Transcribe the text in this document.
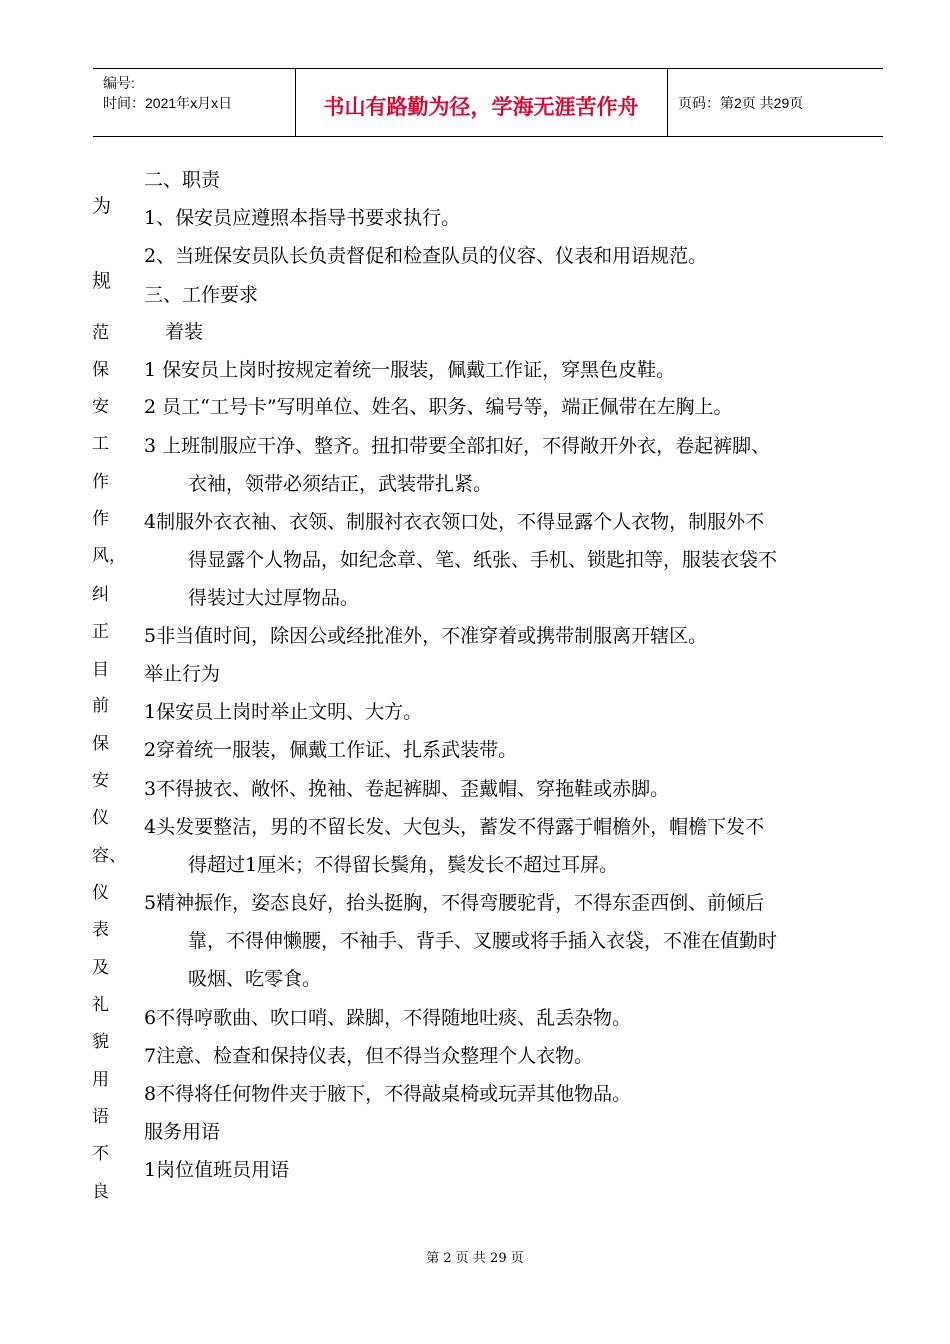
编号:
时间：2021年x月x日	书山有路勤为径，学海无涯苦作舟	页码：第2页 共29页
为
规
范
保
安
工
作
作
风，
纠
正
目
前
保
安
仪
容、
仪
表
及
礼
貌
用
语
不
良
二、职责
1、保安员应遵照本指导书要求执行。
2、当班保安员队长负责督促和检查队员的仪容、仪表和用语规范。
三、工作要求
着装
1 保安员上岗时按规定着统一服装，佩戴工作证，穿黑色皮鞋。
2 员工“工号卡”写明单位、姓名、职务、编号等，端正佩带在左胸上。
3 上班制服应干净、整齐。扭扣带要全部扣好，不得敞开外衣，卷起裤脚、
衣袖，领带必须结正，武装带扎紧。
4制服外衣衣袖、衣领、制服衬衣衣领口处，不得显露个人衣物，制服外不
得显露个人物品，如纪念章、笔、纸张、手机、锁匙扣等，服装衣袋不
得装过大过厚物品。
5非当值时间，除因公或经批准外，不准穿着或携带制服离开辖区。
举止行为
1保安员上岗时举止文明、大方。
2穿着统一服装，佩戴工作证、扎系武装带。
3不得披衣、敞怀、挽袖、卷起裤脚、歪戴帽、穿拖鞋或赤脚。
4头发要整洁，男的不留长发、大包头，蓄发不得露于帽檐外，帽檐下发不
得超过1厘米；不得留长鬓角，鬓发长不超过耳屏。
5精神振作，姿态良好，抬头挺胸，不得弯腰驼背，不得东歪西倒、前倾后
靠，不得伸懒腰，不袖手、背手、叉腰或将手插入衣袋，不准在值勤时
吸烟、吃零食。
6不得哼歌曲、吹口哨、跺脚，不得随地吐痰、乱丢杂物。
7注意、检查和保持仪表，但不得当众整理个人衣物。
8不得将任何物件夹于腋下，不得敲桌椅或玩弄其他物品。
服务用语
1岗位值班员用语
第 2 页 共 29 页
